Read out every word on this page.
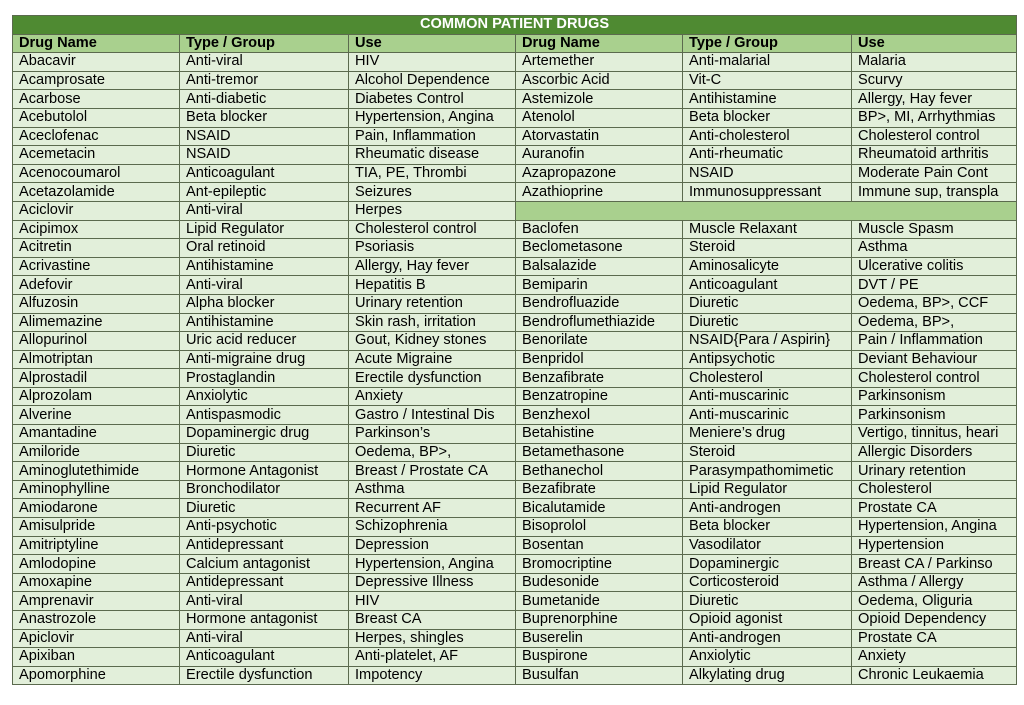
COMMON PATIENT DRUGS					
Drug Name	Type / Group	Use	Drug Name	Type / Group	Use
Abacavir	Anti-viral	HIV	Artemether	Anti-malarial	Malaria
Acamprosate	Anti-tremor	Alcohol Dependence	Ascorbic Acid	Vit-C	Scurvy
Acarbose	Anti-diabetic	Diabetes Control	Astemizole	Antihistamine	Allergy, Hay fever
Acebutolol	Beta blocker	Hypertension, Angina	Atenolol	Beta blocker	BP>, MI, Arrhythmias
Aceclofenac	NSAID	Pain, Inflammation	Atorvastatin	Anti-cholesterol	Cholesterol control
Acemetacin	NSAID	Rheumatic disease	Auranofin	Anti-rheumatic	Rheumatoid arthritis
Acenocoumarol	Anticoagulant	TIA, PE, Thrombi	Azapropazone	NSAID	Moderate Pain Cont
Acetazolamide	Ant-epileptic	Seizures	Azathioprine	Immunosuppressant	Immune sup, transpla
Aciclovir	Anti-viral	Herpes			
Acipimox	Lipid Regulator	Cholesterol control	Baclofen	Muscle Relaxant	Muscle Spasm
Acitretin	Oral retinoid	Psoriasis	Beclometasone	Steroid	Asthma
Acrivastine	Antihistamine	Allergy, Hay fever	Balsalazide	Aminosalicyte	Ulcerative colitis
Adefovir	Anti-viral	Hepatitis B	Bemiparin	Anticoagulant	DVT / PE
Alfuzosin	Alpha blocker	Urinary retention	Bendrofluazide	Diuretic	Oedema, BP>, CCF
Alimemazine	Antihistamine	Skin rash, irritation	Bendroflumethiazide	Diuretic	Oedema, BP>,
Allopurinol	Uric acid reducer	Gout, Kidney stones	Benorilate	NSAID{Para / Aspirin}	Pain / Inflammation
Almotriptan	Anti-migraine drug	Acute Migraine	Benpridol	Antipsychotic	Deviant Behaviour
Alprostadil	Prostaglandin	Erectile dysfunction	Benzafibrate	Cholesterol	Cholesterol control
Alprozolam	Anxiolytic	Anxiety	Benzatropine	Anti-muscarinic	Parkinsonism
Alverine	Antispasmodic	Gastro / Intestinal Dis	Benzhexol	Anti-muscarinic	Parkinsonism
Amantadine	Dopaminergic drug	Parkinson’s	Betahistine	Meniere’s drug	Vertigo, tinnitus, heari
Amiloride	Diuretic	Oedema, BP>,	Betamethasone	Steroid	Allergic Disorders
Aminoglutethimide	Hormone Antagonist	Breast / Prostate CA	Bethanechol	Parasympathomimetic	Urinary retention
Aminophylline	Bronchodilator	Asthma	Bezafibrate	Lipid Regulator	Cholesterol
Amiodarone	Diuretic	Recurrent AF	Bicalutamide	Anti-androgen	Prostate CA
Amisulpride	Anti-psychotic	Schizophrenia	Bisoprolol	Beta blocker	Hypertension, Angina
Amitriptyline	Antidepressant	Depression	Bosentan	Vasodilator	Hypertension
Amlodopine	Calcium antagonist	Hypertension, Angina	Bromocriptine	Dopaminergic	Breast CA / Parkinso
Amoxapine	Antidepressant	Depressive Illness	Budesonide	Corticosteroid	Asthma / Allergy
Amprenavir	Anti-viral	HIV	Bumetanide	Diuretic	Oedema, Oliguria
Anastrozole	Hormone antagonist	Breast CA	Buprenorphine	Opioid agonist	Opioid Dependency
Apiclovir	Anti-viral	Herpes, shingles	Buserelin	Anti-androgen	Prostate CA
Apixiban	Anticoagulant	Anti-platelet, AF	Buspirone	Anxiolytic	Anxiety
Apomorphine	Erectile dysfunction	Impotency	Busulfan	Alkylating drug	Chronic Leukaemia
